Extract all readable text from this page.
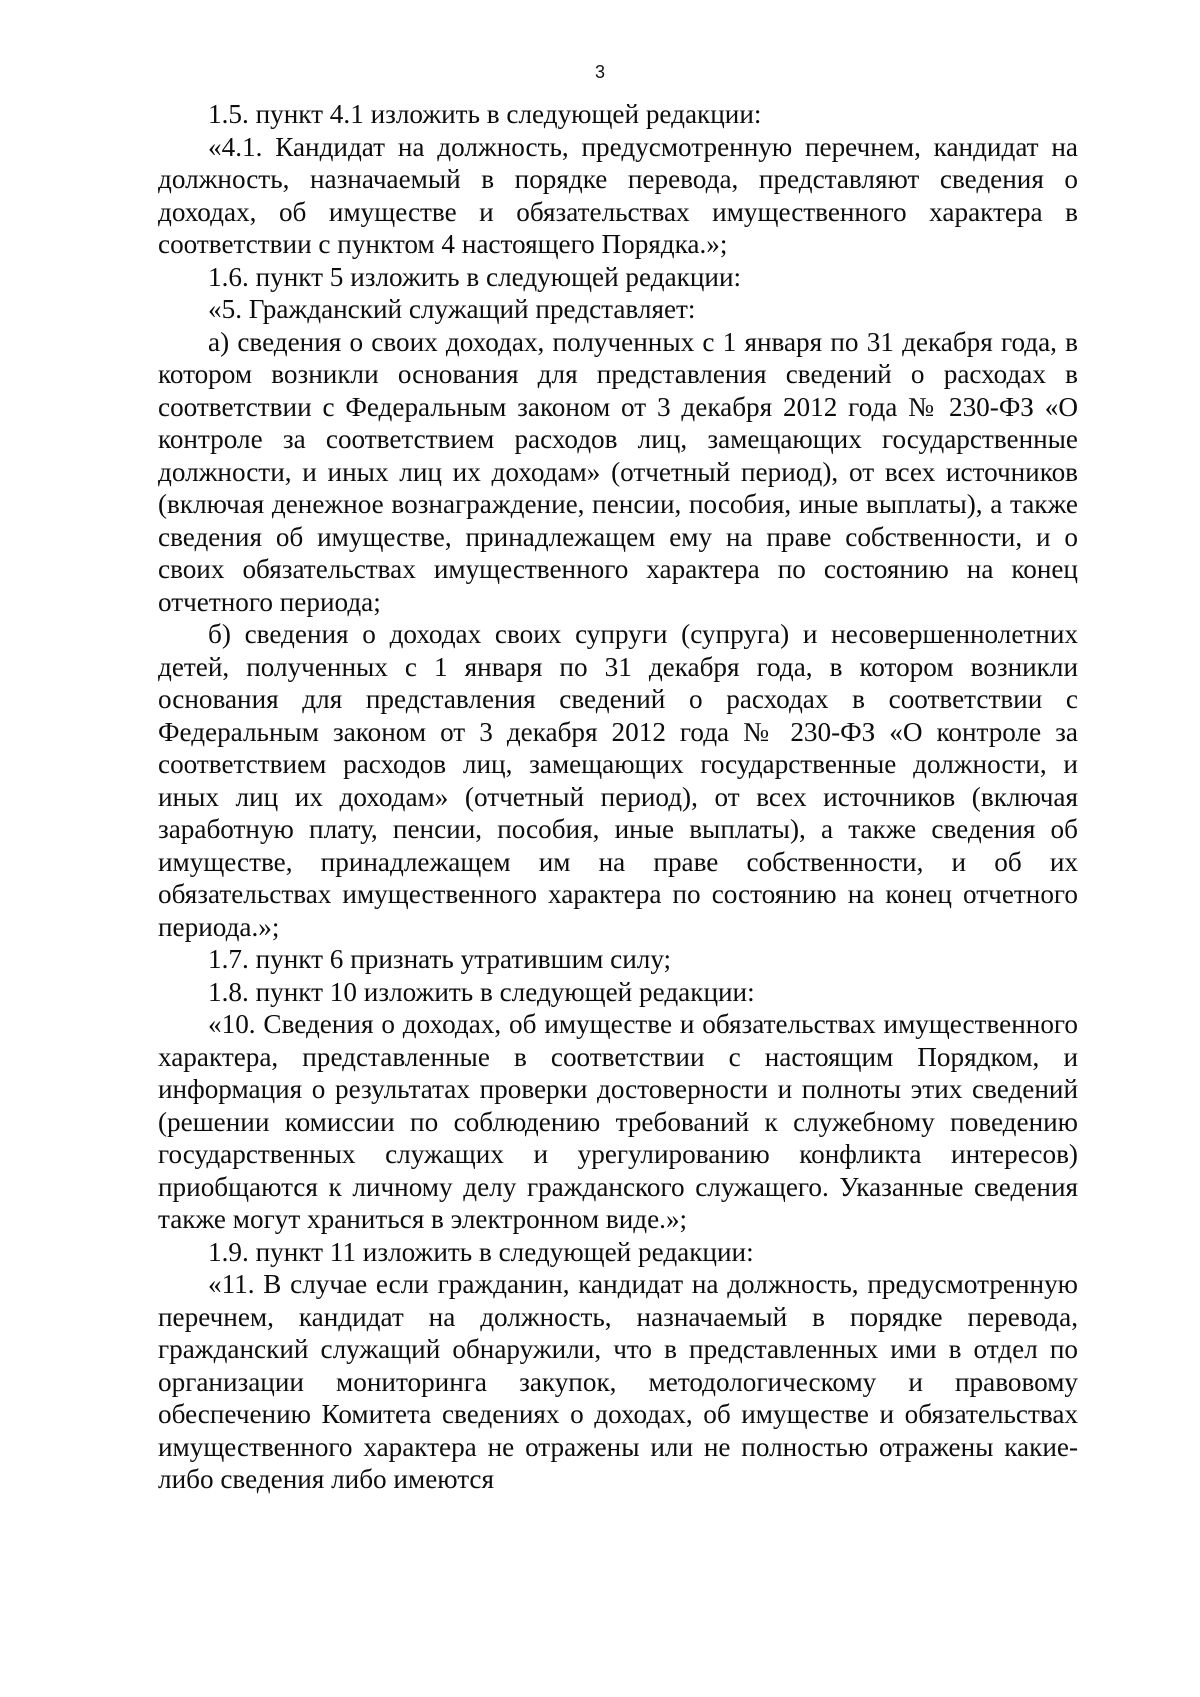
3

1.5. пункт 4.1 изложить в следующей редакции:

«4.1. Кандидат на должность, предусмотренную перечнем, кандидат на должность, назначаемый в порядке перевода, представляют сведения о доходах, об имуществе и обязательствах имущественного характера в соответствии с пунктом 4 настоящего Порядка.»;

1.6. пункт 5 изложить в следующей редакции:

«5. Гражданский служащий представляет:

а) сведения о своих доходах, полученных с 1 января по 31 декабря года, в котором возникли основания для представления сведений о расходах в соответствии с Федеральным законом от 3 декабря 2012 года № 230-ФЗ «О контроле за соответствием расходов лиц, замещающих государственные должности, и иных лиц их доходам» (отчетный период), от всех источников (включая денежное вознаграждение, пенсии, пособия, иные выплаты), а также сведения об имуществе, принадлежащем ему на праве собственности, и о своих обязательствах имущественного характера по состоянию на конец отчетного периода;

б) сведения о доходах своих супруги (супруга) и несовершеннолетних детей, полученных с 1 января по 31 декабря года, в котором возникли основания для представления сведений о расходах в соответствии с Федеральным законом от 3 декабря 2012 года № 230-ФЗ «О контроле за соответствием расходов лиц, замещающих государственные должности, и иных лиц их доходам» (отчетный период), от всех источников (включая заработную плату, пенсии, пособия, иные выплаты), а также сведения об имуществе, принадлежащем им на праве собственности, и об их обязательствах имущественного характера по состоянию на конец отчетного периода.»;

1.7. пункт 6 признать утратившим силу;

1.8. пункт 10 изложить в следующей редакции:

«10. Сведения о доходах, об имуществе и обязательствах имущественного характера, представленные в соответствии с настоящим Порядком, и информация о результатах проверки достоверности и полноты этих сведений (решении комиссии по соблюдению требований к служебному поведению государственных служащих и урегулированию конфликта интересов) приобщаются к личному делу гражданского служащего. Указанные сведения также могут храниться в электронном виде.»;

1.9. пункт 11 изложить в следующей редакции:

«11. В случае если гражданин, кандидат на должность, предусмотренную перечнем, кандидат на должность, назначаемый в порядке перевода, гражданский служащий обнаружили, что в представленных ими в отдел по организации мониторинга закупок, методологическому и правовому обеспечению Комитета сведениях о доходах, об имуществе и обязательствах имущественного характера не отражены или не полностью отражены какие-либо сведения либо имеются
